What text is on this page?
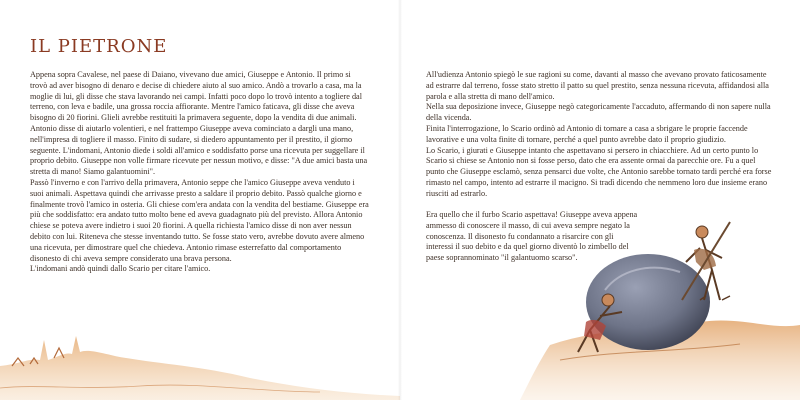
IL PIETRONE

Appena sopra Cavalese, nel paese di Daiano, vivevano due amici, Giuseppe e Antonio. Il primo si trovò ad aver bisogno di denaro e decise di chiedere aiuto al suo amico. Andò a trovarlo a casa, ma la moglie di lui, gli disse che stava lavorando nei campi. Infatti poco dopo lo trovò intento a togliere dal terreno, con leva e badile, una grossa roccia affiorante. Mentre l'amico faticava, gli disse che aveva bisogno di 20 fiorini. Glieli avrebbe restituiti la primavera seguente, dopo la vendita di due animali. Antonio disse di aiutarlo volentieri, e nel frattempo Giuseppe aveva cominciato a dargli una mano, nell'impresa di togliere il masso. Finito di sudare, si diedero appuntamento per il prestito, il giorno seguente. L'indomani, Antonio diede i soldi all'amico e soddisfatto porse una ricevuta per suggellare il proprio debito. Giuseppe non volle firmare ricevute per nessun motivo, e disse: "A due amici basta una stretta di mano! Siamo galantuomini".

Passò l'inverno e con l'arrivo della primavera, Antonio seppe che l'amico Giuseppe aveva venduto i suoi animali. Aspettava quindi che arrivasse presto a saldare il proprio debito. Passò qualche giorno e finalmente trovò l'amico in osteria. Gli chiese com'era andata con la vendita del bestiame. Giuseppe era più che soddisfatto: era andato tutto molto bene ed aveva guadagnato più del previsto. Allora Antonio chiese se poteva avere indietro i suoi 20 fiorini. A quella richiesta l'amico disse di non aver nessun debito con lui. Riteneva che stesse inventando tutto. Se fosse stato vero, avrebbe dovuto avere almeno una ricevuta, per dimostrare quel che chiedeva. Antonio rimase esterrefatto dal comportamento disonesto di chi aveva sempre considerato una brava persona.

L'indomani andò quindi dallo Scario per citare l'amico.

All'udienza Antonio spiegò le sue ragioni su come, davanti al masso che avevano provato faticosamente ad estrarre dal terreno, fosse stato stretto il patto su quel prestito, senza nessuna ricevuta, affidandosi alla parola e alla stretta di mano dell'amico.

Nella sua deposizione invece, Giuseppe negò categoricamente l'accaduto, affermando di non sapere nulla della vicenda.

Finita l'interrogazione, lo Scario ordinò ad Antonio di tornare a casa a sbrigare le proprie faccende lavorative e una volta finite di tornare, perché a quel punto avrebbe dato il proprio giudizio.

Lo Scario, i giurati e Giuseppe intanto che aspettavano si persero in chiacchiere. Ad un certo punto lo Scario si chiese se Antonio non si fosse perso, dato che era assente ormai da parecchie ore. Fu a quel punto che Giuseppe esclamò, senza pensarci due volte, che Antonio sarebbe tornato tardi perché era forse rimasto nel campo, intento ad estrarre il macigno. Si tradì dicendo che nemmeno loro due insieme erano riusciti ad estrarlo.

Era quello che il furbo Scario aspettava! Giuseppe aveva appena ammesso di conoscere il masso, di cui aveva sempre negato la conoscenza. Il disonesto fu condannato a risarcire con gli interessi il suo debito e da quel giorno diventò lo zimbello del paese soprannominato "il galantuomo scarso".
